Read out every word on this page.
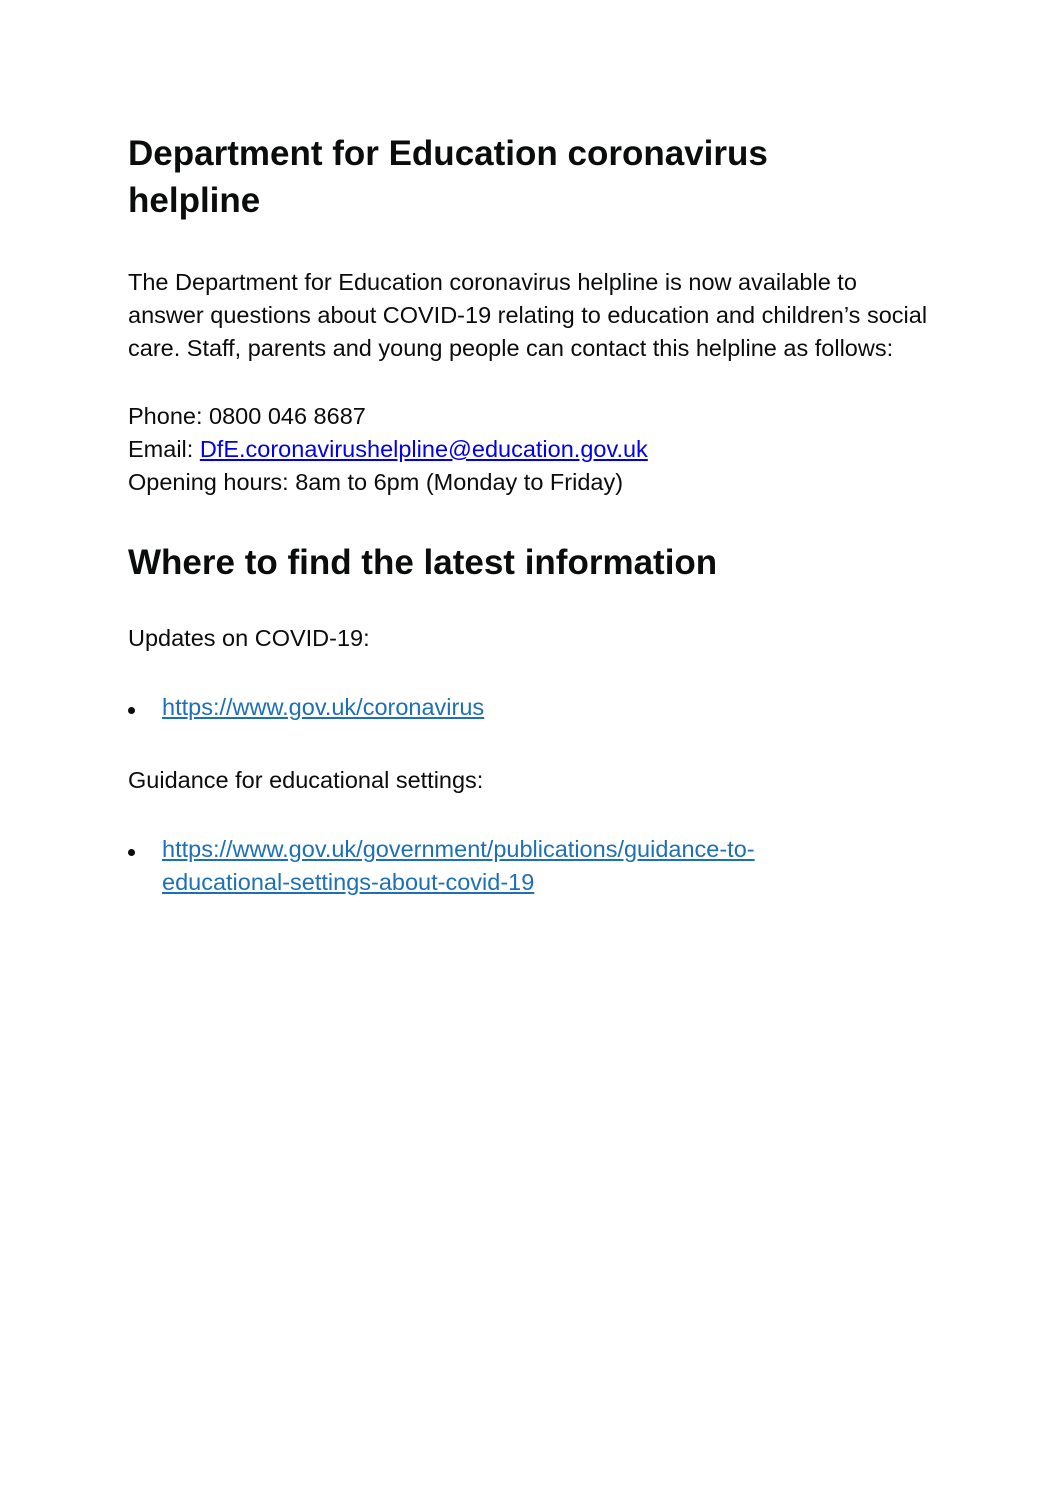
Department for Education coronavirus helpline

The Department for Education coronavirus helpline is now available to answer questions about COVID-19 relating to education and children’s social care. Staff, parents and young people can contact this helpline as follows:

Phone: 0800 046 8687
Email: DfE.coronavirushelpline@education.gov.uk
Opening hours: 8am to 6pm (Monday to Friday)

Where to find the latest information

Updates on COVID-19:

https://www.gov.uk/coronavirus

Guidance for educational settings:

https://www.gov.uk/government/publications/guidance-to-
educational-settings-about-covid-19
